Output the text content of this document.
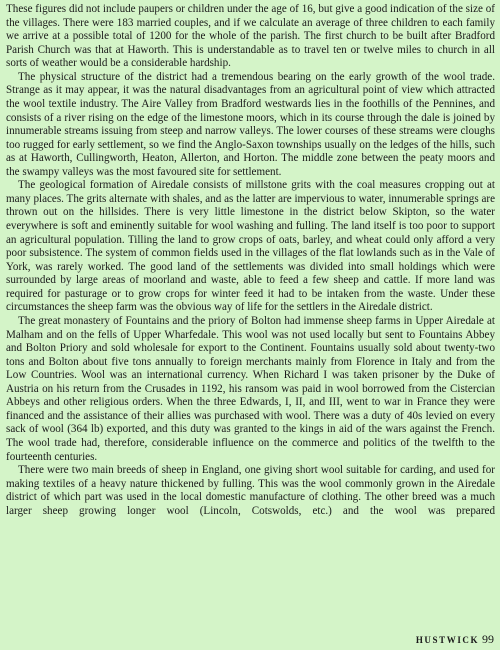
These figures did not include paupers or children under the age of 16, but give a good indication of the size of the villages. There were 183 married couples, and if we calculate an average of three children to each family we arrive at a possible total of 1200 for the whole of the parish. The first church to be built after Bradford Parish Church was that at Haworth. This is understandable as to travel ten or twelve miles to church in all sorts of weather would be a considerable hardship.

The physical structure of the district had a tremendous bearing on the early growth of the wool trade. Strange as it may appear, it was the natural disadvantages from an agricultural point of view which attracted the wool textile industry. The Aire Valley from Bradford westwards lies in the foothills of the Pennines, and consists of a river rising on the edge of the limestone moors, which in its course through the dale is joined by innumerable streams issuing from steep and narrow valleys. The lower courses of these streams were cloughs too rugged for early settlement, so we find the Anglo-Saxon townships usually on the ledges of the hills, such as at Haworth, Cullingworth, Heaton, Allerton, and Horton. The middle zone between the peaty moors and the swampy valleys was the most favoured site for settlement.

The geological formation of Airedale consists of millstone grits with the coal measures cropping out at many places. The grits alternate with shales, and as the latter are impervious to water, innumerable springs are thrown out on the hillsides. There is very little limestone in the district below Skipton, so the water everywhere is soft and eminently suitable for wool washing and fulling. The land itself is too poor to support an agricultural population. Tilling the land to grow crops of oats, barley, and wheat could only afford a very poor subsistence. The system of common fields used in the villages of the flat lowlands such as in the Vale of York, was rarely worked. The good land of the settlements was divided into small holdings which were surrounded by large areas of moorland and waste, able to feed a few sheep and cattle. If more land was required for pasturage or to grow crops for winter feed it had to be intaken from the waste. Under these circumstances the sheep farm was the obvious way of life for the settlers in the Airedale district.

The great monastery of Fountains and the priory of Bolton had immense sheep farms in Upper Airedale at Malham and on the fells of Upper Wharfedale. This wool was not used locally but sent to Fountains Abbey and Bolton Priory and sold wholesale for export to the Continent. Fountains usually sold about twenty-two tons and Bolton about five tons annually to foreign merchants mainly from Florence in Italy and from the Low Countries. Wool was an international currency. When Richard I was taken prisoner by the Duke of Austria on his return from the Crusades in 1192, his ransom was paid in wool borrowed from the Cistercian Abbeys and other religious orders. When the three Edwards, I, II, and III, went to war in France they were financed and the assistance of their allies was purchased with wool. There was a duty of 40s levied on every sack of wool (364 lb) exported, and this duty was granted to the kings in aid of the wars against the French. The wool trade had, therefore, considerable influence on the commerce and politics of the twelfth to the fourteenth centuries.

There were two main breeds of sheep in England, one giving short wool suitable for carding, and used for making textiles of a heavy nature thickened by fulling. This was the wool commonly grown in the Airedale district of which part was used in the local domestic manufacture of clothing. The other breed was a much larger sheep growing longer wool (Lincoln, Cotswolds, etc.) and the wool was prepared

HUSTWICK 99
